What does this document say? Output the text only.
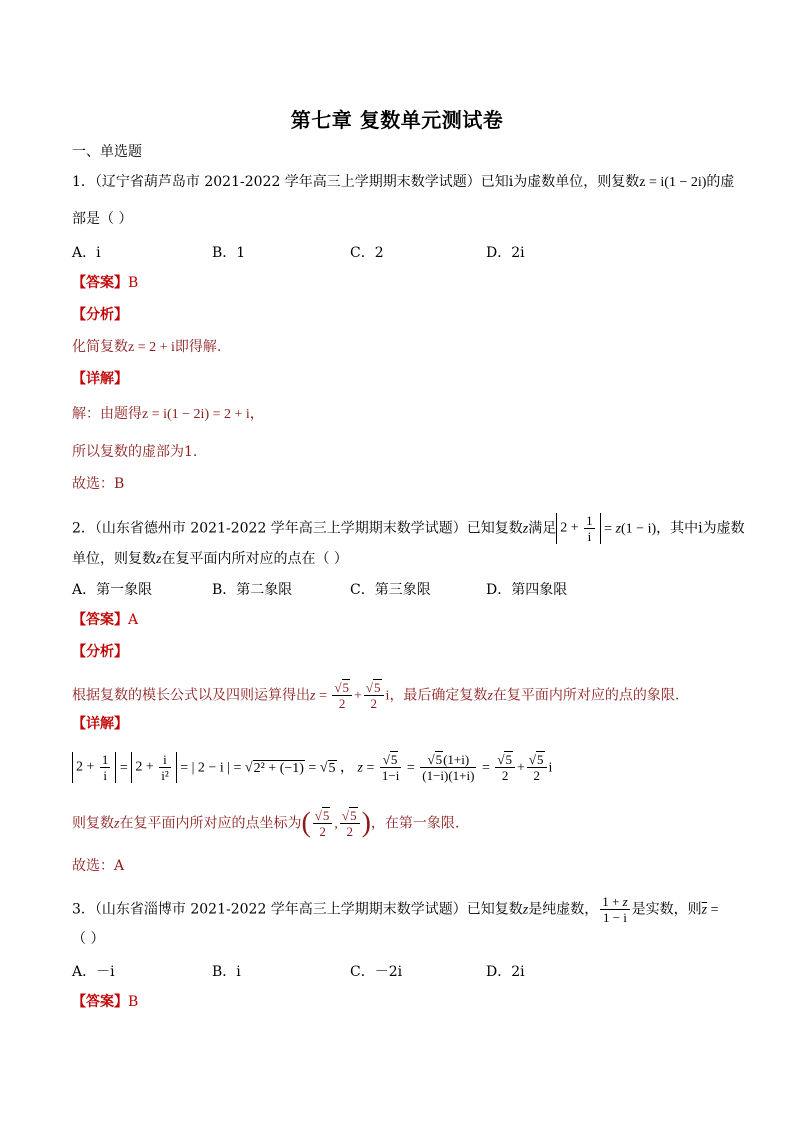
第七章 复数单元测试卷
一、单选题
1．（辽宁省葫芦岛市 2021-2022 学年高三上学期期末数学试题）已知i为虚数单位，则复数z = i(1 − 2i)的虚
部是（ ）
A．i	B．1	C．2	D．2i
【答案】B
【分析】
化简复数z = 2 + i即得解.
【详解】
解：由题得z = i(1 − 2i) = 2 + i，
所以复数的虚部为1.
故选：B
2．（山东省德州市 2021-2022 学年高三上学期期末数学试题）已知复数z满足 $2 + \frac{1}{i} = z(1 - i)$，其中i为虚数
单位，则复数z在复平面内所对应的点在（ ）
A．第一象限	B．第二象限	C．第三象限	D．第四象限
【答案】A
【分析】
根据复数的模长公式以及四则运算得出$z = \frac{√5}{2} + \frac{√5}{2}$ i，最后确定复数z在复平面内所对应的点的象限.
【详解】
$2 + \frac{1}{i} = 2 + \frac{i}{\text{i²}}$ = | 2 − i | = √2² + (−1) = √5 ， $z = \frac{√5}{1-i} = \frac{√5(1+i)}{(1-i)(1+i)} = \frac{√5}{2} + \frac{√5}{2}$ i
则复数z在复平面内所对应的点坐标为( $\frac{√5}{2}$ , $\frac{√5}{2}$ )，在第一象限.
故选：A
3．（山东省淄博市 2021-2022 学年高三上学期期末数学试题）已知复数z是纯虚数， $\frac{1 + z}{1 - i}$ 是实数，则$\overline{z}$ =
（ ）
A．－i	B．i	C．－2i	D．2i
【答案】B
